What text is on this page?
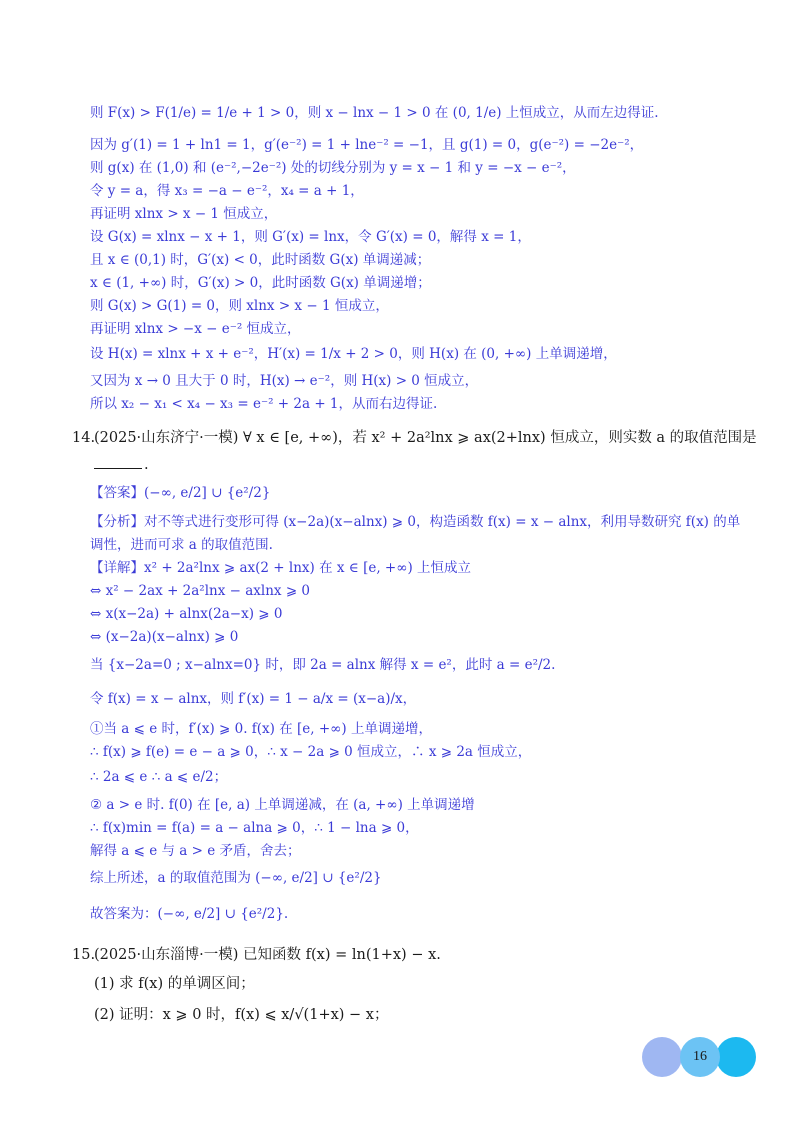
则 F(x) > F(1/e) = 1/e + 1 > 0，则 x − lnx − 1 > 0 在 (0, 1/e) 上恒成立，从而左边得证.
因为 g′(1) = 1 + ln1 = 1，g′(e⁻²) = 1 + lne⁻² = −1，且 g(1) = 0，g(e⁻²) = −2e⁻²，
则 g(x) 在 (1,0) 和 (e⁻²,−2e⁻²) 处的切线分别为 y = x − 1 和 y = −x − e⁻²，
令 y = a，得 x₃ = −a − e⁻²，x₄ = a + 1，
再证明 xlnx > x − 1 恒成立，
设 G(x) = xlnx − x + 1，则 G′(x) = lnx，令 G′(x) = 0，解得 x = 1，
且 x ∈ (0,1) 时，G′(x) < 0，此时函数 G(x) 单调递减；
x ∈ (1, +∞) 时，G′(x) > 0，此时函数 G(x) 单调递增；
则 G(x) > G(1) = 0，则 xlnx > x − 1 恒成立，
再证明 xlnx > −x − e⁻² 恒成立，
设 H(x) = xlnx + x + e⁻²，H′(x) = 1/x + 2 > 0，则 H(x) 在 (0, +∞) 上单调递增，
又因为 x → 0 且大于 0 时，H(x) → e⁻²，则 H(x) > 0 恒成立，
所以 x₂ − x₁ < x₄ − x₃ = e⁻² + 2a + 1，从而右边得证.
14.
(2025·山东济宁·一模) ∀ x ∈ [e, +∞)，若 x² + 2a²lnx ⩾ ax(2+lnx) 恒成立，则实数 a 的取值范围是
.
【答案】(−∞, e/2] ∪ {e²/2}
【分析】对不等式进行变形可得 (x−2a)(x−alnx) ⩾ 0，构造函数 f(x) = x − alnx，利用导数研究 f(x) 的单
调性，进而可求 a 的取值范围.
【详解】x² + 2a²lnx ⩾ ax(2 + lnx) 在 x ∈ [e, +∞) 上恒成立
⇔ x² − 2ax + 2a²lnx − axlnx ⩾ 0
⇔ x(x−2a) + alnx(2a−x) ⩾ 0
⇔ (x−2a)(x−alnx) ⩾ 0
当 {x−2a=0 ; x−alnx=0} 时，即 2a = alnx 解得 x = e²，此时 a = e²/2.
令 f(x) = x − alnx，则 f′(x) = 1 − a/x = (x−a)/x，
①当 a ⩽ e 时，f′(x) ⩾ 0. f(x) 在 [e, +∞) 上单调递增，
∴ f(x) ⩾ f(e) = e − a ⩾ 0，∴ x − 2a ⩾ 0 恒成立，∴ x ⩾ 2a 恒成立，
∴ 2a ⩽ e ∴ a ⩽ e/2；
② a > e 时. f(0) 在 [e, a) 上单调递减，在 (a, +∞) 上单调递增
∴ f(x)min = f(a) = a − alna ⩾ 0，∴ 1 − lna ⩾ 0，
解得 a ⩽ e 与 a > e 矛盾，舍去；
综上所述，a 的取值范围为 (−∞, e/2] ∪ {e²/2}
故答案为：(−∞, e/2] ∪ {e²/2}.
15.
(2025·山东淄博·一模) 已知函数 f(x) = ln(1+x) − x.
(1) 求 f(x) 的单调区间；
(2) 证明：x ⩾ 0 时，f(x) ⩽ x/√(1+x) − x；
16
